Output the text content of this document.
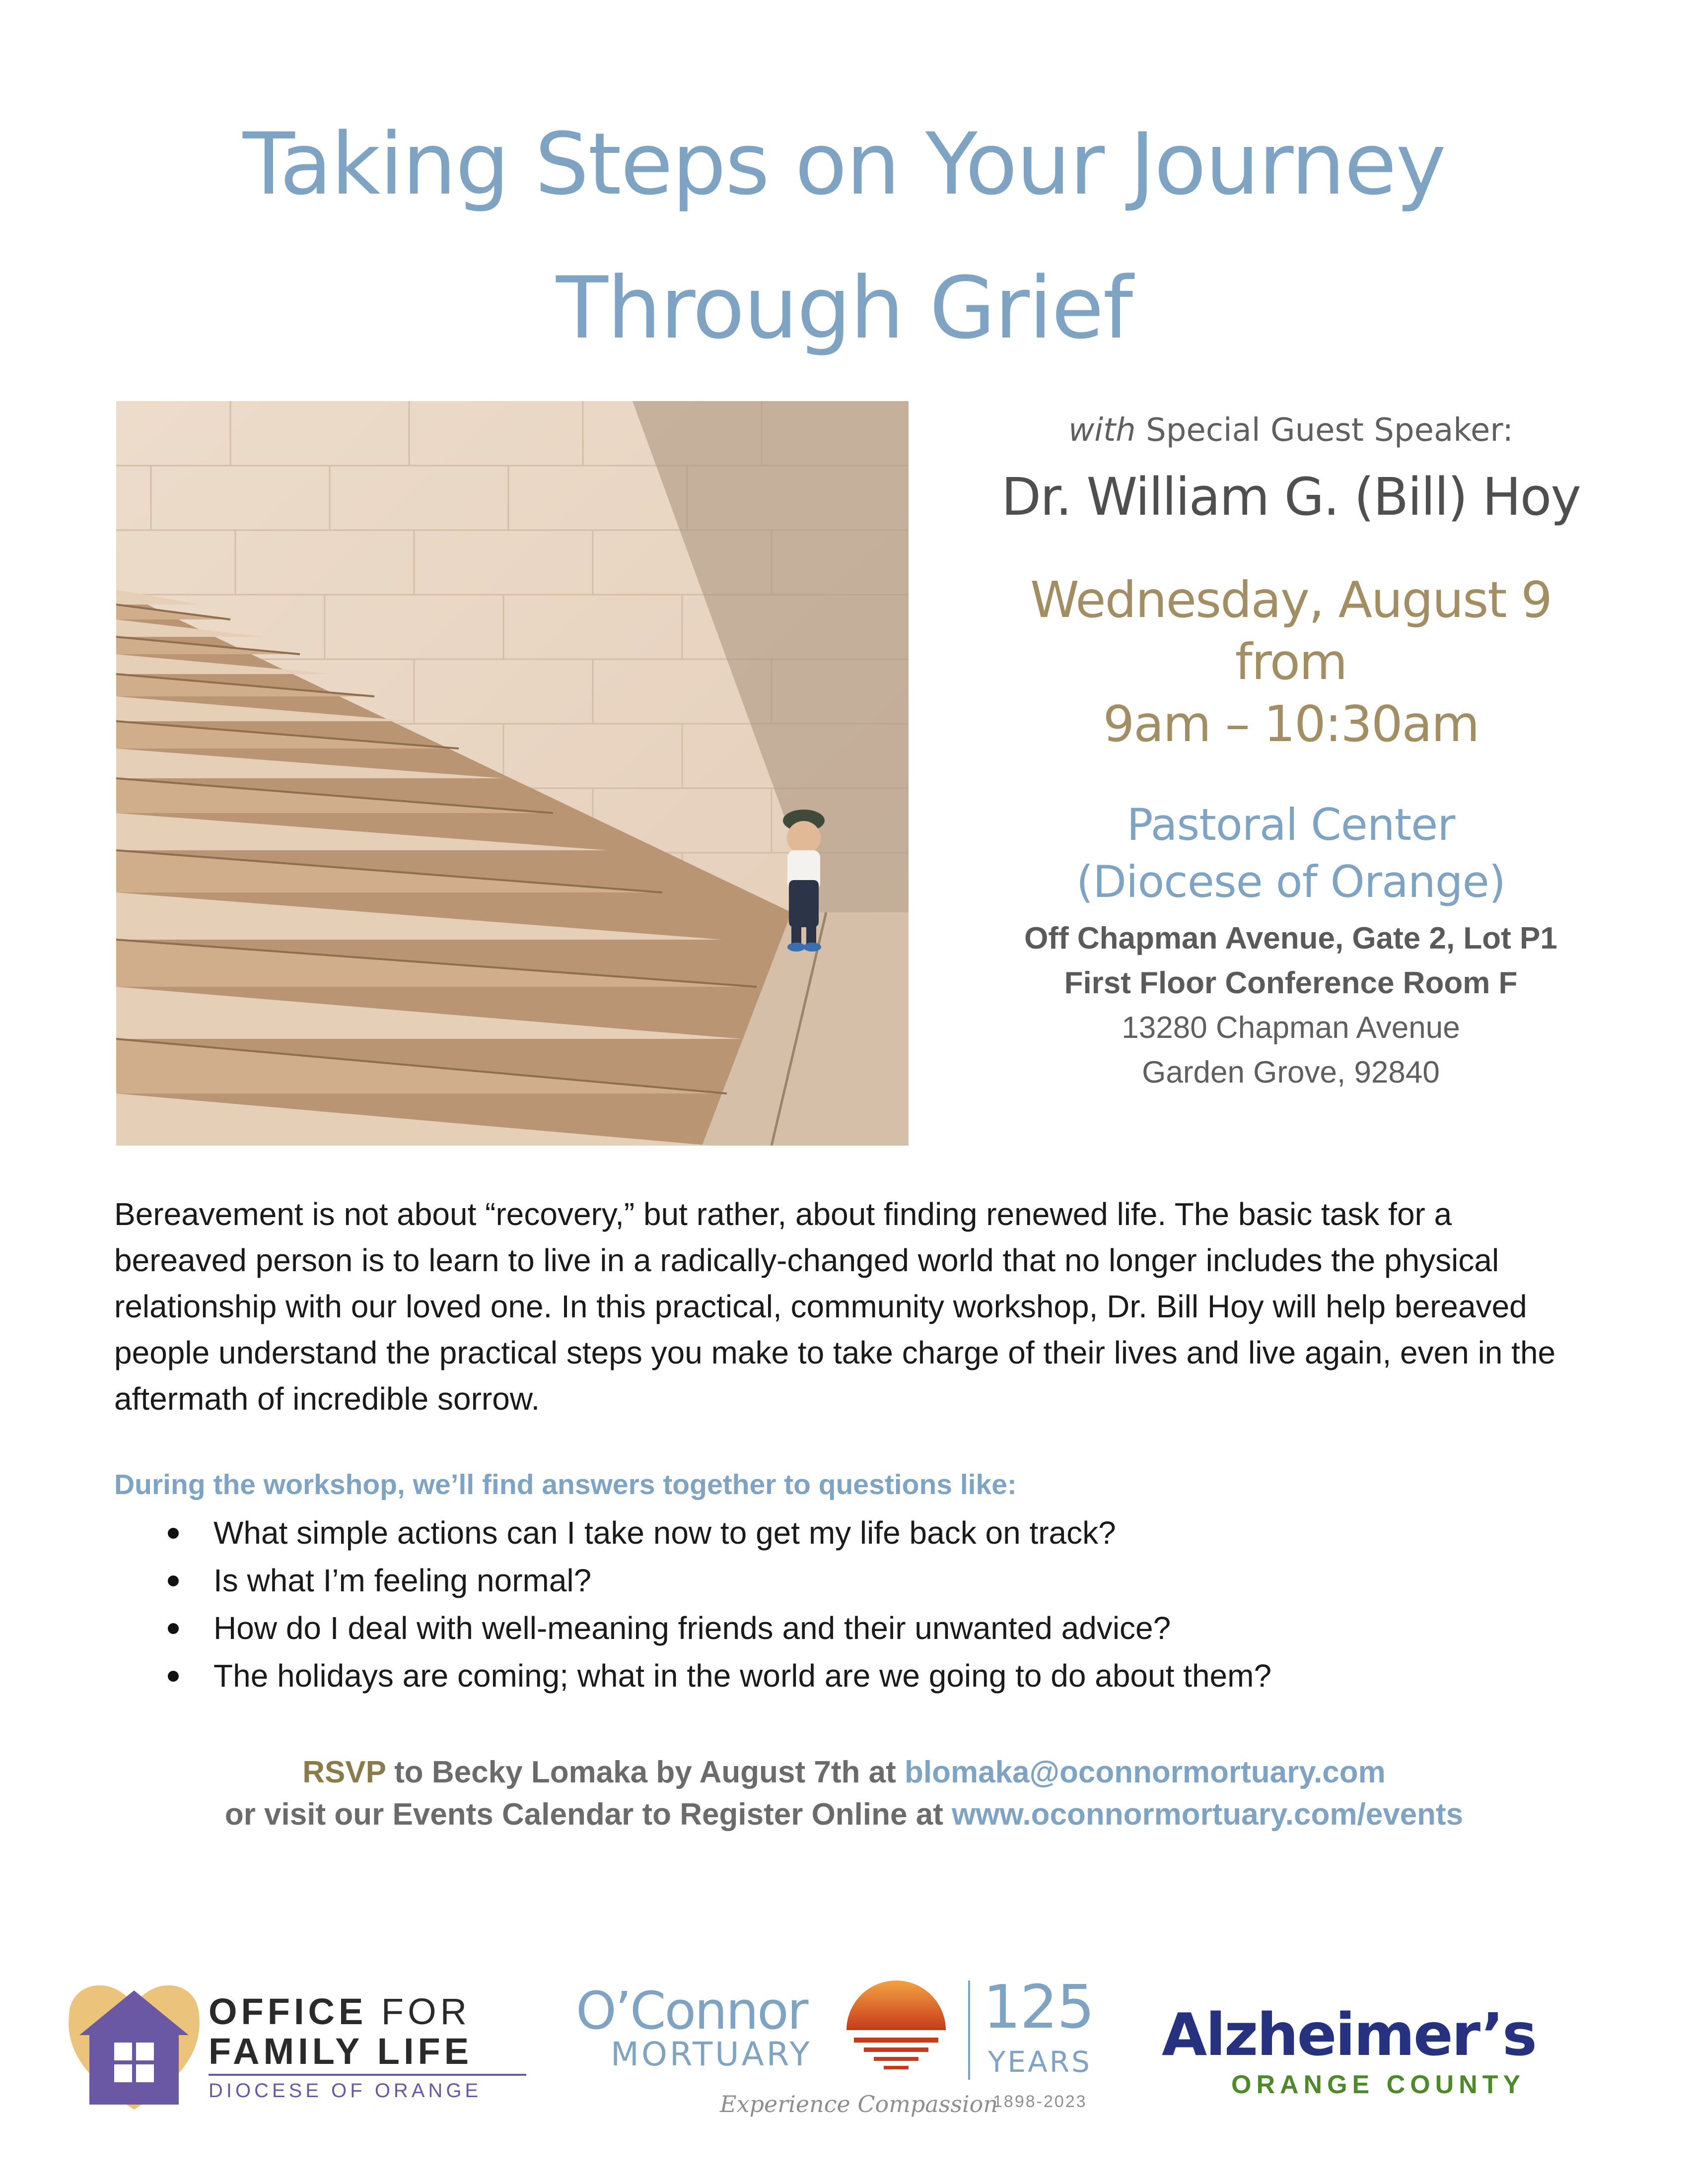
Taking Steps on Your Journey
Through Grief
with Special Guest Speaker:
Dr. William G. (Bill) Hoy
Wednesday, August 9
from
9am – 10:30am
Pastoral Center
(Diocese of Orange)
Off Chapman Avenue, Gate 2, Lot P1
First Floor Conference Room F
13280 Chapman Avenue
Garden Grove, 92840
Bereavement is not about “recovery,” but rather, about finding renewed life. The basic task for a bereaved person is to learn to live in a radically-changed world that no longer includes the physical relationship with our loved one. In this practical, community workshop, Dr. Bill Hoy will help bereaved people understand the practical steps you make to take charge of their lives and live again, even in the aftermath of incredible sorrow.
During the workshop, we’ll find answers together to questions like:
What simple actions can I take now to get my life back on track?
Is what I’m feeling normal?
How do I deal with well-meaning friends and their unwanted advice?
The holidays are coming; what in the world are we going to do about them?
RSVP to Becky Lomaka by August 7th at blomaka@oconnormortuary.com
or visit our Events Calendar to Register Online at www.oconnormortuary.com/events
OFFICE FOR
FAMILY LIFE
DIOCESE OF ORANGE
O’Connor
MORTUARY
125
YEARS
1898-2023
Experience Compassion
Alzheimer’s
ORANGE COUNTY
